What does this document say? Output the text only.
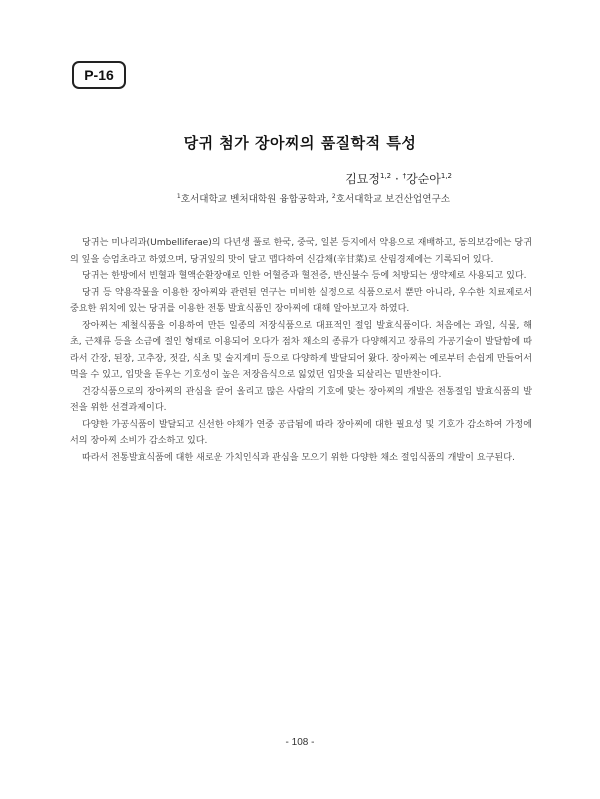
P-16
당귀 첨가 장아찌의 품질학적 특성
김묘정$^{1,2}$ · †강순아$^{1,2}$
$^1$호서대학교 벤처대학원 융합공학과, $^2$호서대학교 보건산업연구소

당귀는 미나리과(Umbelliferae)의 다년생 풀로 한국, 중국, 일본 등지에서 약용으로 재배하고, 동의보감에는 당귀의 잎을 승엄초라고 하였으며, 당귀잎의 맛이 달고 맵다하여 신감채(辛甘菜)로 산림경제에는 기록되어 있다.

당귀는 한방에서 빈혈과 혈액순환장애로 인한 어혈증과 혈전증, 반신불수 등에 처방되는 생약제로 사용되고 있다.

당귀 등 약용작물을 이용한 장아찌와 관련된 연구는 미비한 실정으로 식품으로서 뿐만 아니라, 우수한 치료제로서 중요한 위치에 있는 당귀를 이용한 전통 발효식품인 장아찌에 대해 알아보고자 하였다.

장아찌는 제철식품을 이용하여 만든 일종의 저장식품으로 대표적인 절임 발효식품이다. 처음에는 과일, 식물, 해초, 근채류 등을 소금에 절인 형태로 이용되어 오다가 점차 채소의 종류가 다양해지고 장류의 가공기술이 발달함에 따라서 간장, 된장, 고추장, 젓갈, 식초 및 술지게미 등으로 다양하게 발달되어 왔다. 장아찌는 예로부터 손쉽게 만들어서 먹을 수 있고, 입맛을 돋우는 기호성이 높은 저장음식으로 잃었던 입맛을 되살리는 밑반찬이다.

건강식품으로의 장아찌의 관심을 끌어 올리고 많은 사람의 기호에 맞는 장아찌의 개발은 전통절임 발효식품의 발전을 위한 선결과제이다.

다양한 가공식품이 발달되고 신선한 야채가 연중 공급됨에 따라 장아찌에 대한 필요성 및 기호가 감소하여 가정에서의 장아찌 소비가 감소하고 있다.

따라서 전통발효식품에 대한 새로운 가치인식과 관심을 모으기 위한 다양한 채소 절임식품의 개발이 요구된다.

- 108 -
